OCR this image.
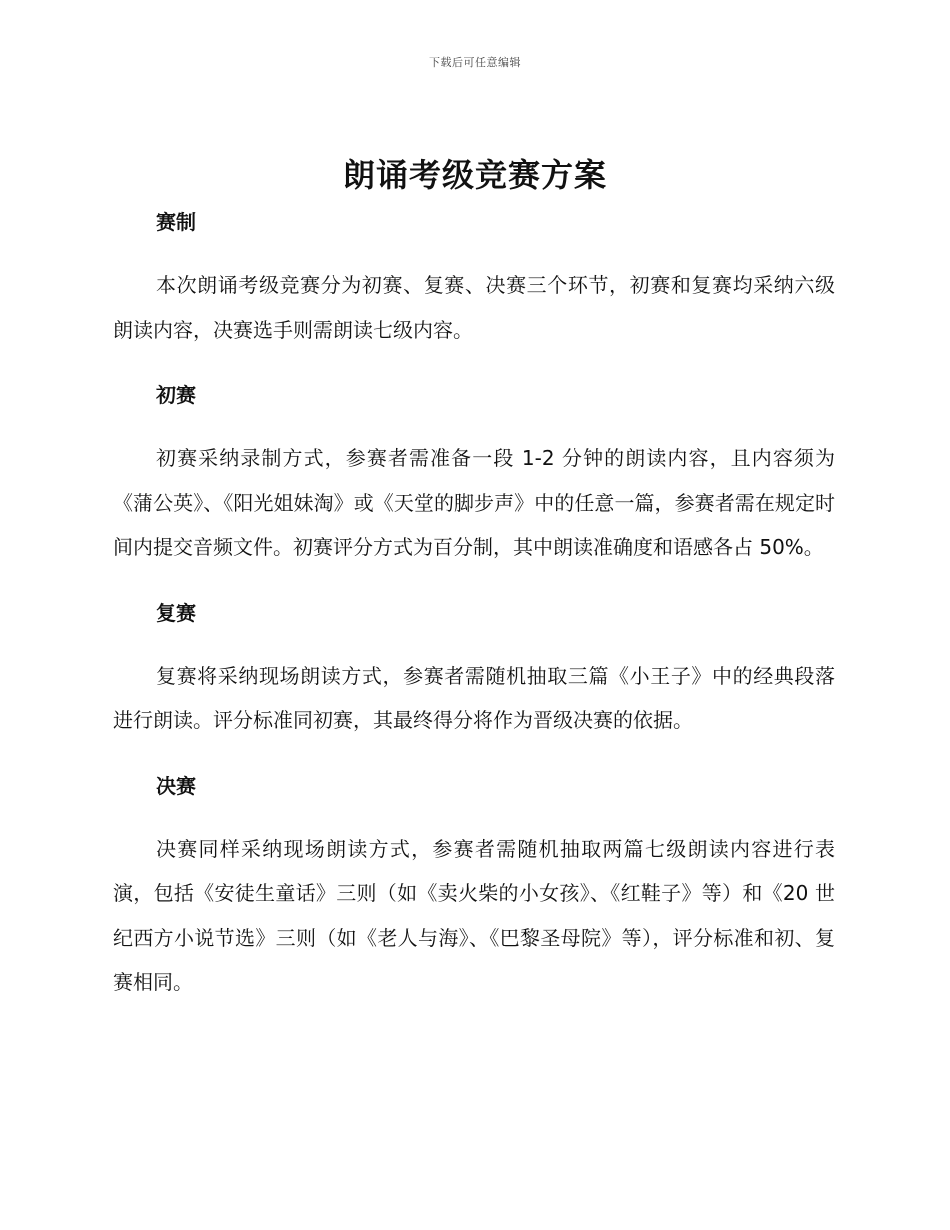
下载后可任意编辑
朗诵考级竞赛方案
赛制

本次朗诵考级竞赛分为初赛、复赛、决赛三个环节，初赛和复赛均采纳六级朗读内容，决赛选手则需朗读七级内容。

初赛

初赛采纳录制方式，参赛者需准备一段 1-2 分钟的朗读内容，且内容须为《蒲公英》、《阳光姐妹淘》或《天堂的脚步声》中的任意一篇，参赛者需在规定时间内提交音频文件。初赛评分方式为百分制，其中朗读准确度和语感各占 50%。

复赛

复赛将采纳现场朗读方式，参赛者需随机抽取三篇《小王子》中的经典段落进行朗读。评分标准同初赛，其最终得分将作为晋级决赛的依据。

决赛

决赛同样采纳现场朗读方式，参赛者需随机抽取两篇七级朗读内容进行表演，包括《安徒生童话》三则（如《卖火柴的小女孩》、《红鞋子》等）和《20 世纪西方小说节选》三则（如《老人与海》、《巴黎圣母院》等），评分标准和初、复赛相同。
